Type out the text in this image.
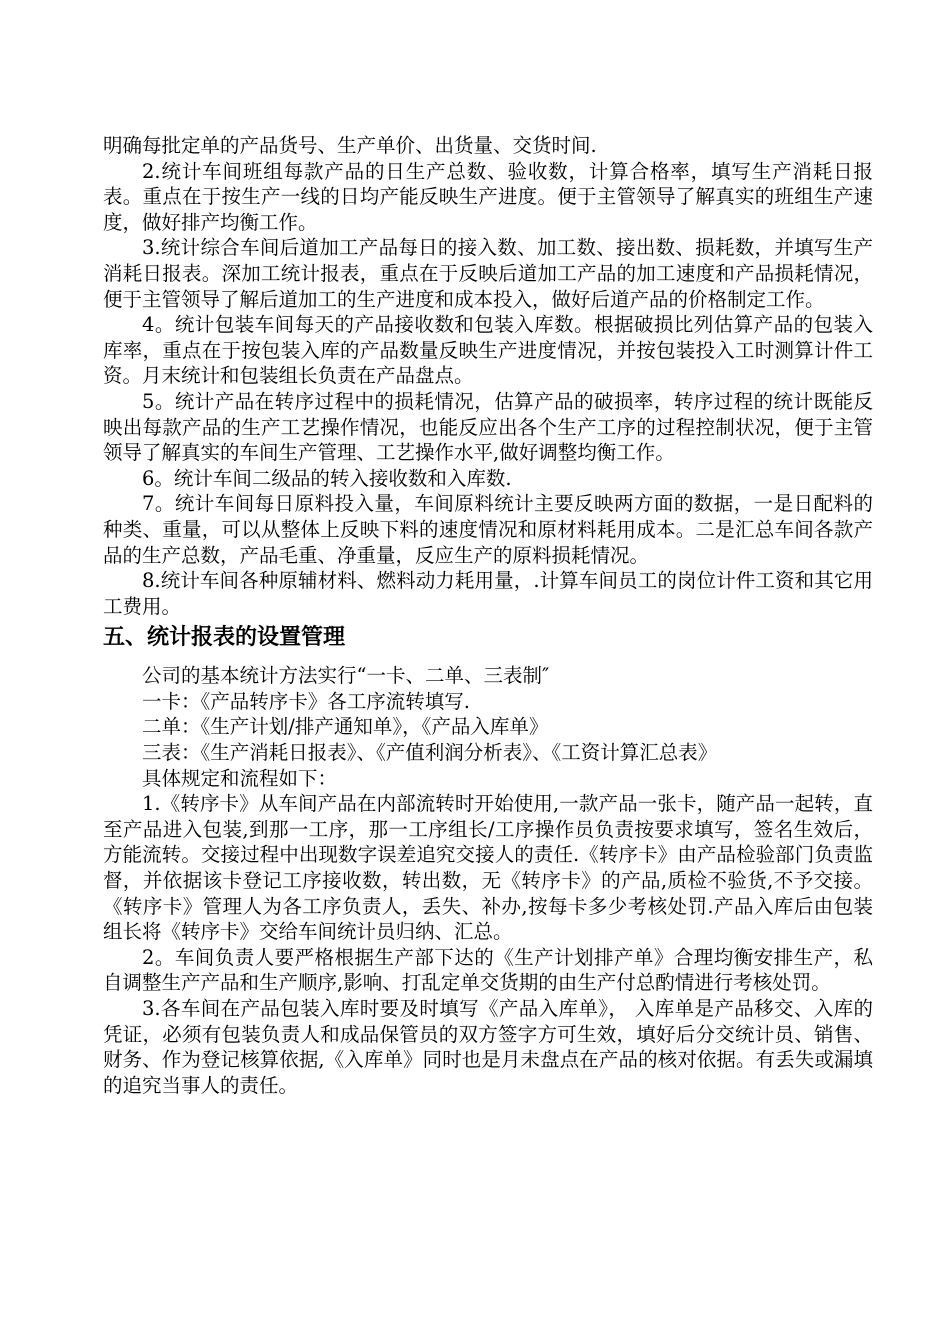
明确每批定单的产品货号、生产单价、出货量、交货时间.

2.统计车间班组每款产品的日生产总数、验收数，计算合格率，填写生产消耗日报表。重点在于按生产一线的日均产能反映生产进度。便于主管领导了解真实的班组生产速度，做好排产均衡工作。

3.统计综合车间后道加工产品每日的接入数、加工数、接出数、损耗数，并填写生产消耗日报表。深加工统计报表，重点在于反映后道加工产品的加工速度和产品损耗情况，便于主管领导了解后道加工的生产进度和成本投入，做好后道产品的价格制定工作。

4。统计包装车间每天的产品接收数和包装入库数。根据破损比列估算产品的包装入库率，重点在于按包装入库的产品数量反映生产进度情况，并按包装投入工时测算计件工资。月末统计和包装组长负责在产品盘点。

5。统计产品在转序过程中的损耗情况，估算产品的破损率，转序过程的统计既能反映出每款产品的生产工艺操作情况，也能反应出各个生产工序的过程控制状况，便于主管领导了解真实的车间生产管理、工艺操作水平,做好调整均衡工作。

6。统计车间二级品的转入接收数和入库数.

7。统计车间每日原料投入量，车间原料统计主要反映两方面的数据，一是日配料的种类、重量，可以从整体上反映下料的速度情况和原材料耗用成本。二是汇总车间各款产品的生产总数，产品毛重、净重量，反应生产的原料损耗情况。

8.统计车间各种原辅材料、燃料动力耗用量，.计算车间员工的岗位计件工资和其它用工费用。

五、统计报表的设置管理

公司的基本统计方法实行“一卡、二单、三表制″

一卡：《产品转序卡》各工序流转填写.

二单：《生产计划/排产通知单》，《产品入库单》

三表：《生产消耗日报表》、《产值利润分析表》、《工资计算汇总表》

具体规定和流程如下：

1.《转序卡》从车间产品在内部流转时开始使用,一款产品一张卡，随产品一起转，直至产品进入包装,到那一工序，那一工序组长/工序操作员负责按要求填写，签名生效后，方能流转。交接过程中出现数字误差追究交接人的责任.《转序卡》由产品检验部门负责监督，并依据该卡登记工序接收数，转出数，无《转序卡》的产品,质检不验货,不予交接。《转序卡》管理人为各工序负责人，丢失、补办,按每卡多少考核处罚.产品入库后由包装组长将《转序卡》交给车间统计员归纳、汇总。

2。车间负责人要严格根据生产部下达的《生产计划排产单》合理均衡安排生产，私自调整生产产品和生产顺序,影响、打乱定单交货期的由生产付总酌情进行考核处罚。

3.各车间在产品包装入库时要及时填写《产品入库单》， 入库单是产品移交、入库的凭证，必须有包装负责人和成品保管员的双方签字方可生效，填好后分交统计员、销售、财务、作为登记核算依据,《入库单》同时也是月未盘点在产品的核对依据。有丢失或漏填的追究当事人的责任。
